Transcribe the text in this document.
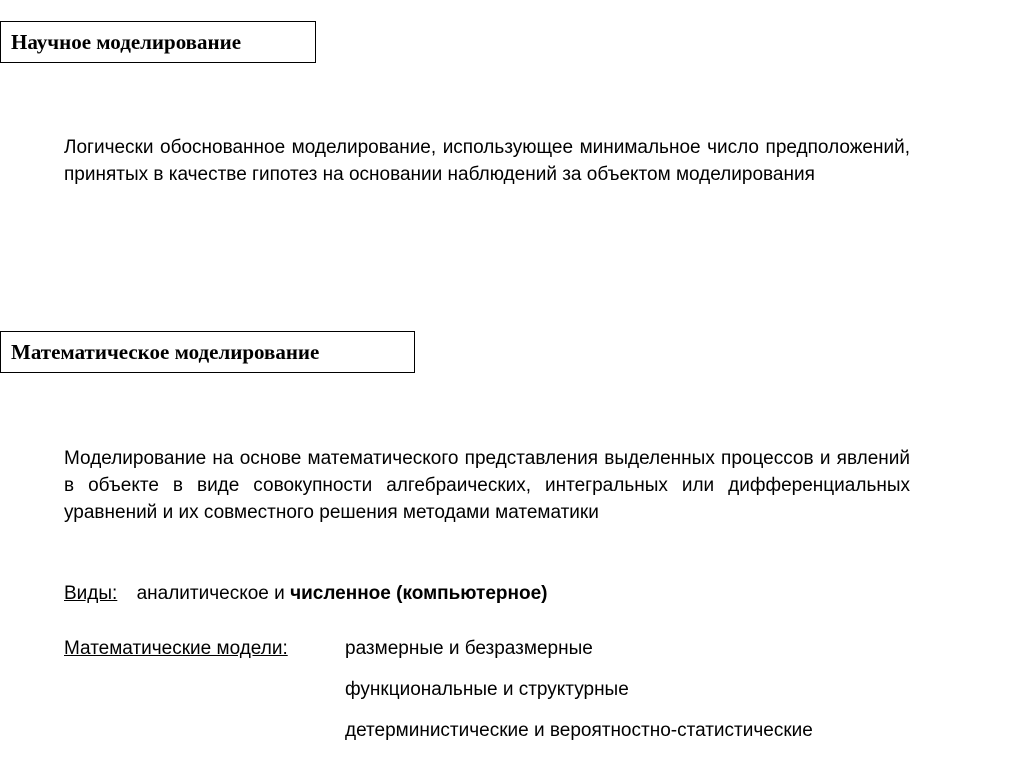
Научное моделирование

Логически обоснованное моделирование, использующее минимальное число предположений, принятых в качестве гипотез на основании наблюдений за объектом моделирования

Математическое моделирование

Моделирование на основе математического представления выделенных процессов и явлений в объекте в виде совокупности алгебраических, интегральных или дифференциальных уравнений и их совместного решения методами математики

Виды: аналитическое и численное (компьютерное)
Математические модели:	размерные и безразмерные
функциональные и структурные
детерминистические и вероятностно-статистические
